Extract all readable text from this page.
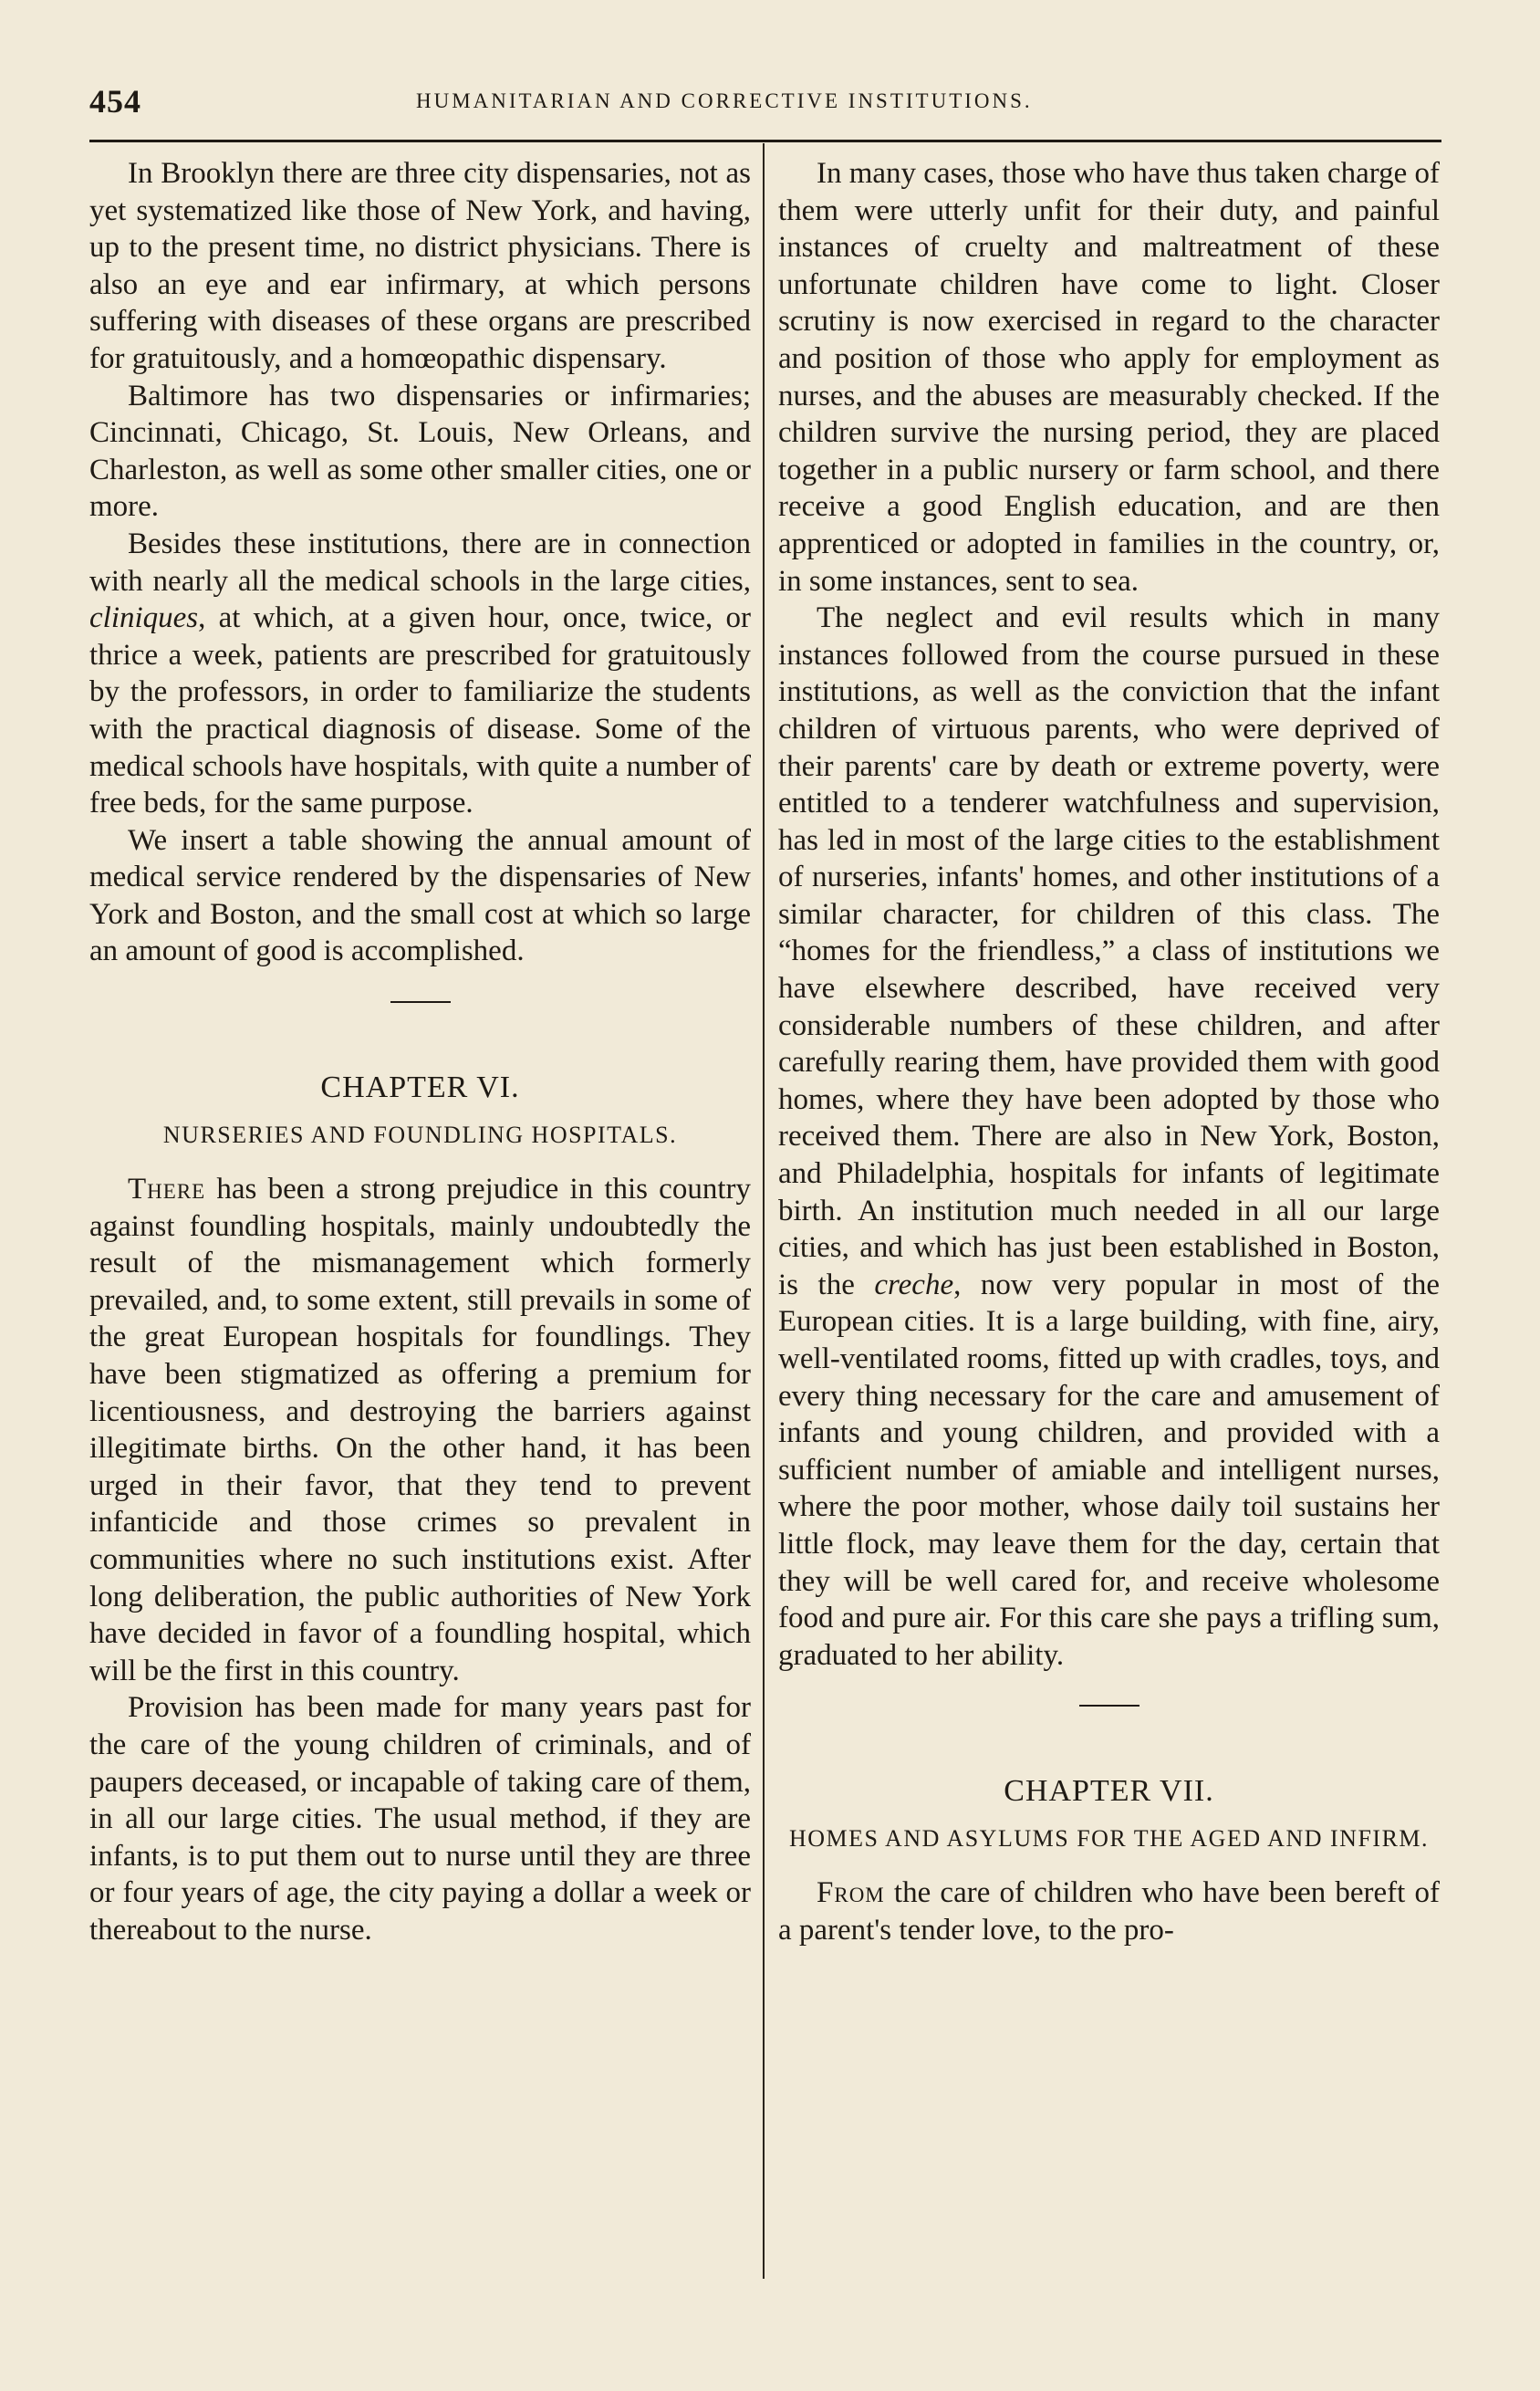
454	HUMANITARIAN AND CORRECTIVE INSTITUTIONS.

In Brooklyn there are three city dispensaries, not as yet systematized like those of New York, and having, up to the present time, no district physicians. There is also an eye and ear infirmary, at which persons suffering with diseases of these organs are prescribed for gratuitously, and a homœopathic dispensary.

Baltimore has two dispensaries or infirmaries; Cincinnati, Chicago, St. Louis, New Orleans, and Charleston, as well as some other smaller cities, one or more.

Besides these institutions, there are in connection with nearly all the medical schools in the large cities, cliniques, at which, at a given hour, once, twice, or thrice a week, patients are prescribed for gratuitously by the professors, in order to familiarize the students with the practical diagnosis of disease. Some of the medical schools have hospitals, with quite a number of free beds, for the same purpose.

We insert a table showing the annual amount of medical service rendered by the dispensaries of New York and Boston, and the small cost at which so large an amount of good is accomplished.

CHAPTER VI.
NURSERIES AND FOUNDLING HOSPITALS.

There has been a strong prejudice in this country against foundling hospitals, mainly undoubtedly the result of the mismanagement which formerly prevailed, and, to some extent, still prevails in some of the great European hospitals for foundlings. They have been stigmatized as offering a premium for licentiousness, and destroying the barriers against illegitimate births. On the other hand, it has been urged in their favor, that they tend to prevent infanticide and those crimes so prevalent in communities where no such institutions exist. After long deliberation, the public authorities of New York have decided in favor of a foundling hospital, which will be the first in this country.

Provision has been made for many years past for the care of the young children of criminals, and of paupers deceased, or incapable of taking care of them, in all our large cities. The usual method, if they are infants, is to put them out to nurse until they are three or four years of age, the city paying a dollar a week or thereabout to the nurse.

In many cases, those who have thus taken charge of them were utterly unfit for their duty, and painful instances of cruelty and maltreatment of these unfortunate children have come to light. Closer scrutiny is now exercised in regard to the character and position of those who apply for employment as nurses, and the abuses are measurably checked. If the children survive the nursing period, they are placed together in a public nursery or farm school, and there receive a good English education, and are then apprenticed or adopted in families in the country, or, in some instances, sent to sea.

The neglect and evil results which in many instances followed from the course pursued in these institutions, as well as the conviction that the infant children of virtuous parents, who were deprived of their parents' care by death or extreme poverty, were entitled to a tenderer watchfulness and supervision, has led in most of the large cities to the establishment of nurseries, infants' homes, and other institutions of a similar character, for children of this class. The “homes for the friendless,” a class of institutions we have elsewhere described, have received very considerable numbers of these children, and after carefully rearing them, have provided them with good homes, where they have been adopted by those who received them. There are also in New York, Boston, and Philadelphia, hospitals for infants of legitimate birth. An institution much needed in all our large cities, and which has just been established in Boston, is the creche, now very popular in most of the European cities. It is a large building, with fine, airy, well-ventilated rooms, fitted up with cradles, toys, and every thing necessary for the care and amusement of infants and young children, and provided with a sufficient number of amiable and intelligent nurses, where the poor mother, whose daily toil sustains her little flock, may leave them for the day, certain that they will be well cared for, and receive wholesome food and pure air. For this care she pays a trifling sum, graduated to her ability.

CHAPTER VII.
HOMES AND ASYLUMS FOR THE AGED AND INFIRM.

From the care of children who have been bereft of a parent's tender love, to the pro-
